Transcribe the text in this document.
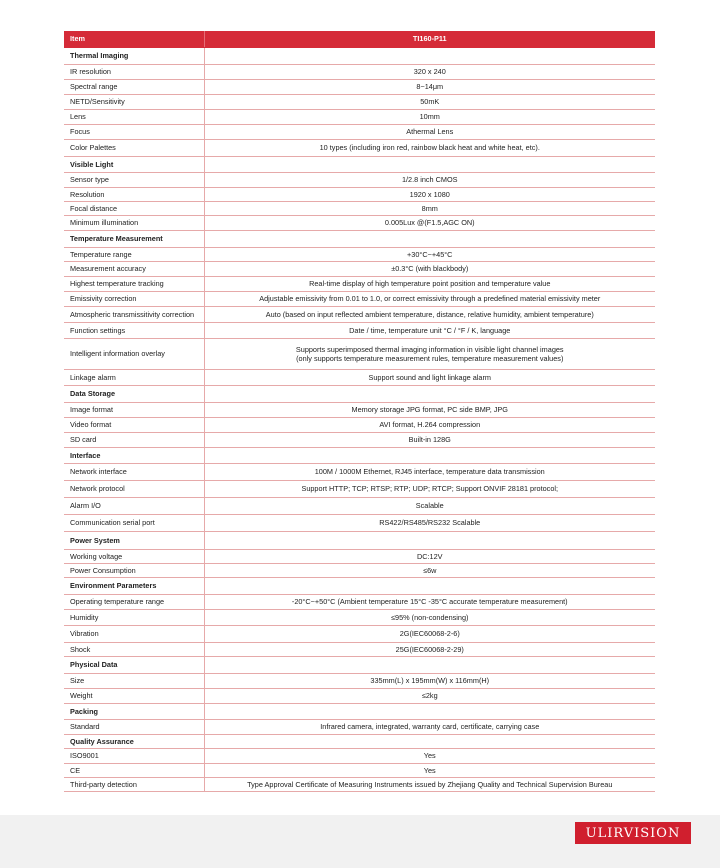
Item	TI160-P11
Thermal Imaging	
IR resolution	320 x 240
Spectral range	8~14μm
NETD/Sensitivity	50mK
Lens	10mm
Focus	Athermal Lens
Color Palettes	10 types (including iron red, rainbow black heat and white heat, etc).
Visible Light	
Sensor type	1/2.8 inch CMOS
Resolution	1920 x 1080
Focal distance	8mm
Minimum illumination	0.005Lux @(F1.5,AGC ON)
Temperature Measurement	
Temperature range	+30°C~+45°C
Measurement accuracy	±0.3°C (with blackbody)
Highest temperature tracking	Real-time display of high temperature point position and temperature value
Emissivity correction	Adjustable emissivity from 0.01 to 1.0, or correct emissivity through a predefined material emissivity meter
Atmospheric transmissitivity correction	Auto (based on input reflected ambient temperature, distance, relative humidity, ambient temperature)
Function settings	Date / time, temperature unit °C / °F / K, language
Intelligent information overlay	Supports superimposed thermal imaging information in visible light channel images
(only supports temperature measurement rules, temperature measurement values)

Linkage alarm	Support sound and light linkage alarm
Data Storage	
Image format	Memory storage JPG format, PC side BMP, JPG
Video format	AVI format, H.264 compression
SD card	Built-in 128G
Interface	
Network interface	100M / 1000M Ethernet, RJ45 interface, temperature data transmission
Network protocol	Support HTTP; TCP; RTSP; RTP; UDP; RTCP; Support ONVIF 28181 protocol;
Alarm I/O	Scalable
Communication serial port	RS422/RS485/RS232 Scalable
Power System	
Working voltage	DC:12V
Power Consumption	≤6w
Environment Parameters	
Operating temperature range	-20°C~+50°C (Ambient temperature 15°C -35°C accurate temperature measurement)
Humidity	≤95% (non-condensing)
Vibration	2G(IEC60068-2-6)
Shock	25G(IEC60068-2-29)
Physical Data	
Size	335mm(L) x 195mm(W) x 116mm(H)
Weight	≤2kg
Packing	
Standard	Infrared camera, integrated, warranty card, certificate, carrying case
Quality Assurance	
ISO9001	Yes
CE	Yes
Third-party detection	Type Approval Certificate of Measuring Instruments issued by Zhejiang Quality and Technical Supervision Bureau
ULIRVISION
